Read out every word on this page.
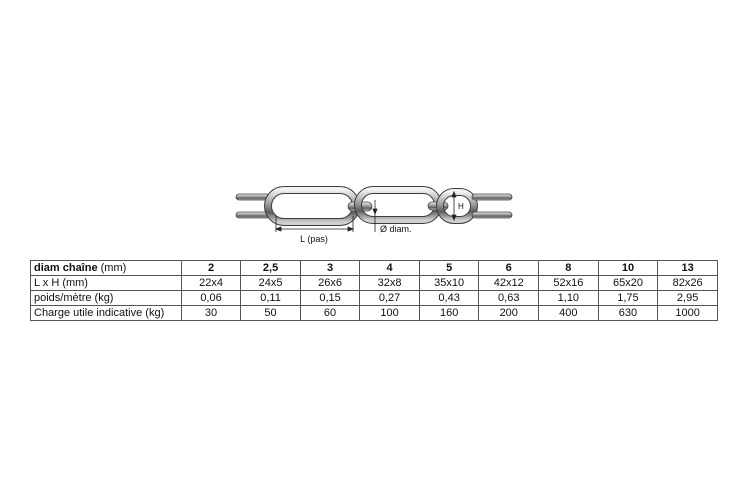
L (pas)
Ø diam.
H
diam chaîne (mm)	2	2,5	3	4	5	6	8	10	13
L x H (mm)	22x4	24x5	26x6	32x8	35x10	42x12	52x16	65x20	82x26
poids/mètre (kg)	0,06	0,11	0,15	0,27	0,43	0,63	1,10	1,75	2,95
Charge utile indicative (kg)	30	50	60	100	160	200	400	630	1000
